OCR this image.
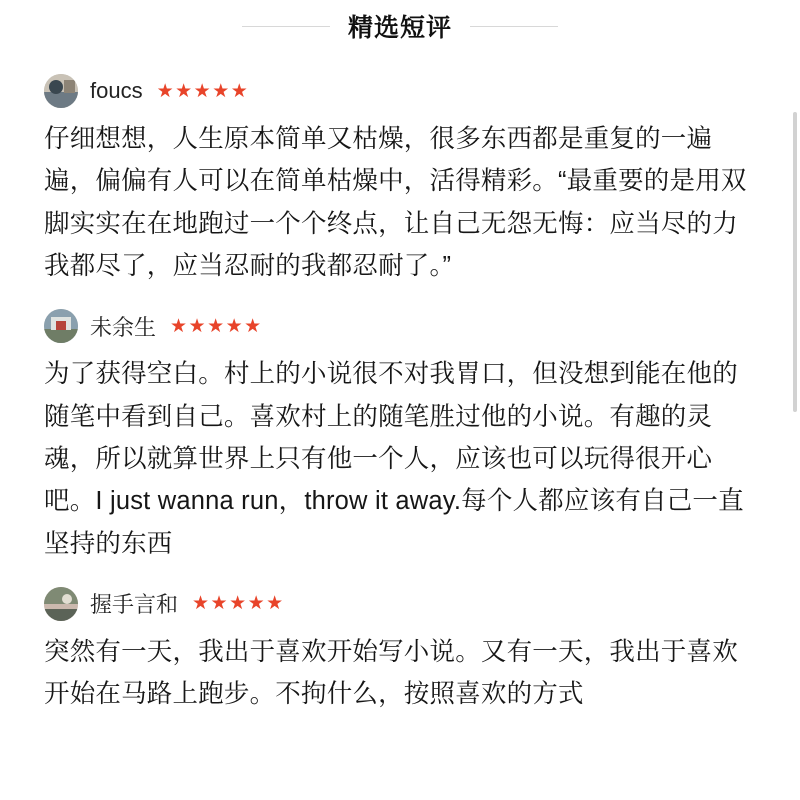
精选短评
foucs ★★★★★
仔细想想，人生原本简单又枯燥，很多东西都是重复的一遍遍，偏偏有人可以在简单枯燥中，活得精彩。“最重要的是用双脚实实在在地跑过一个个终点，让自己无怨无悔：应当尽的力我都尽了，应当忍耐的我都忍耐了。”
未余生 ★★★★★
为了获得空白。村上的小说很不对我胃口，但没想到能在他的随笔中看到自己。喜欢村上的随笔胜过他的小说。有趣的灵魂，所以就算世界上只有他一个人，应该也可以玩得很开心吧。I just wanna run，throw it away.每个人都应该有自己一直坚持的东西
握手言和 ★★★★★
突然有一天，我出于喜欢开始写小说。又有一天，我出于喜欢开始在马路上跑步。不拘什么，按照喜欢的方式
